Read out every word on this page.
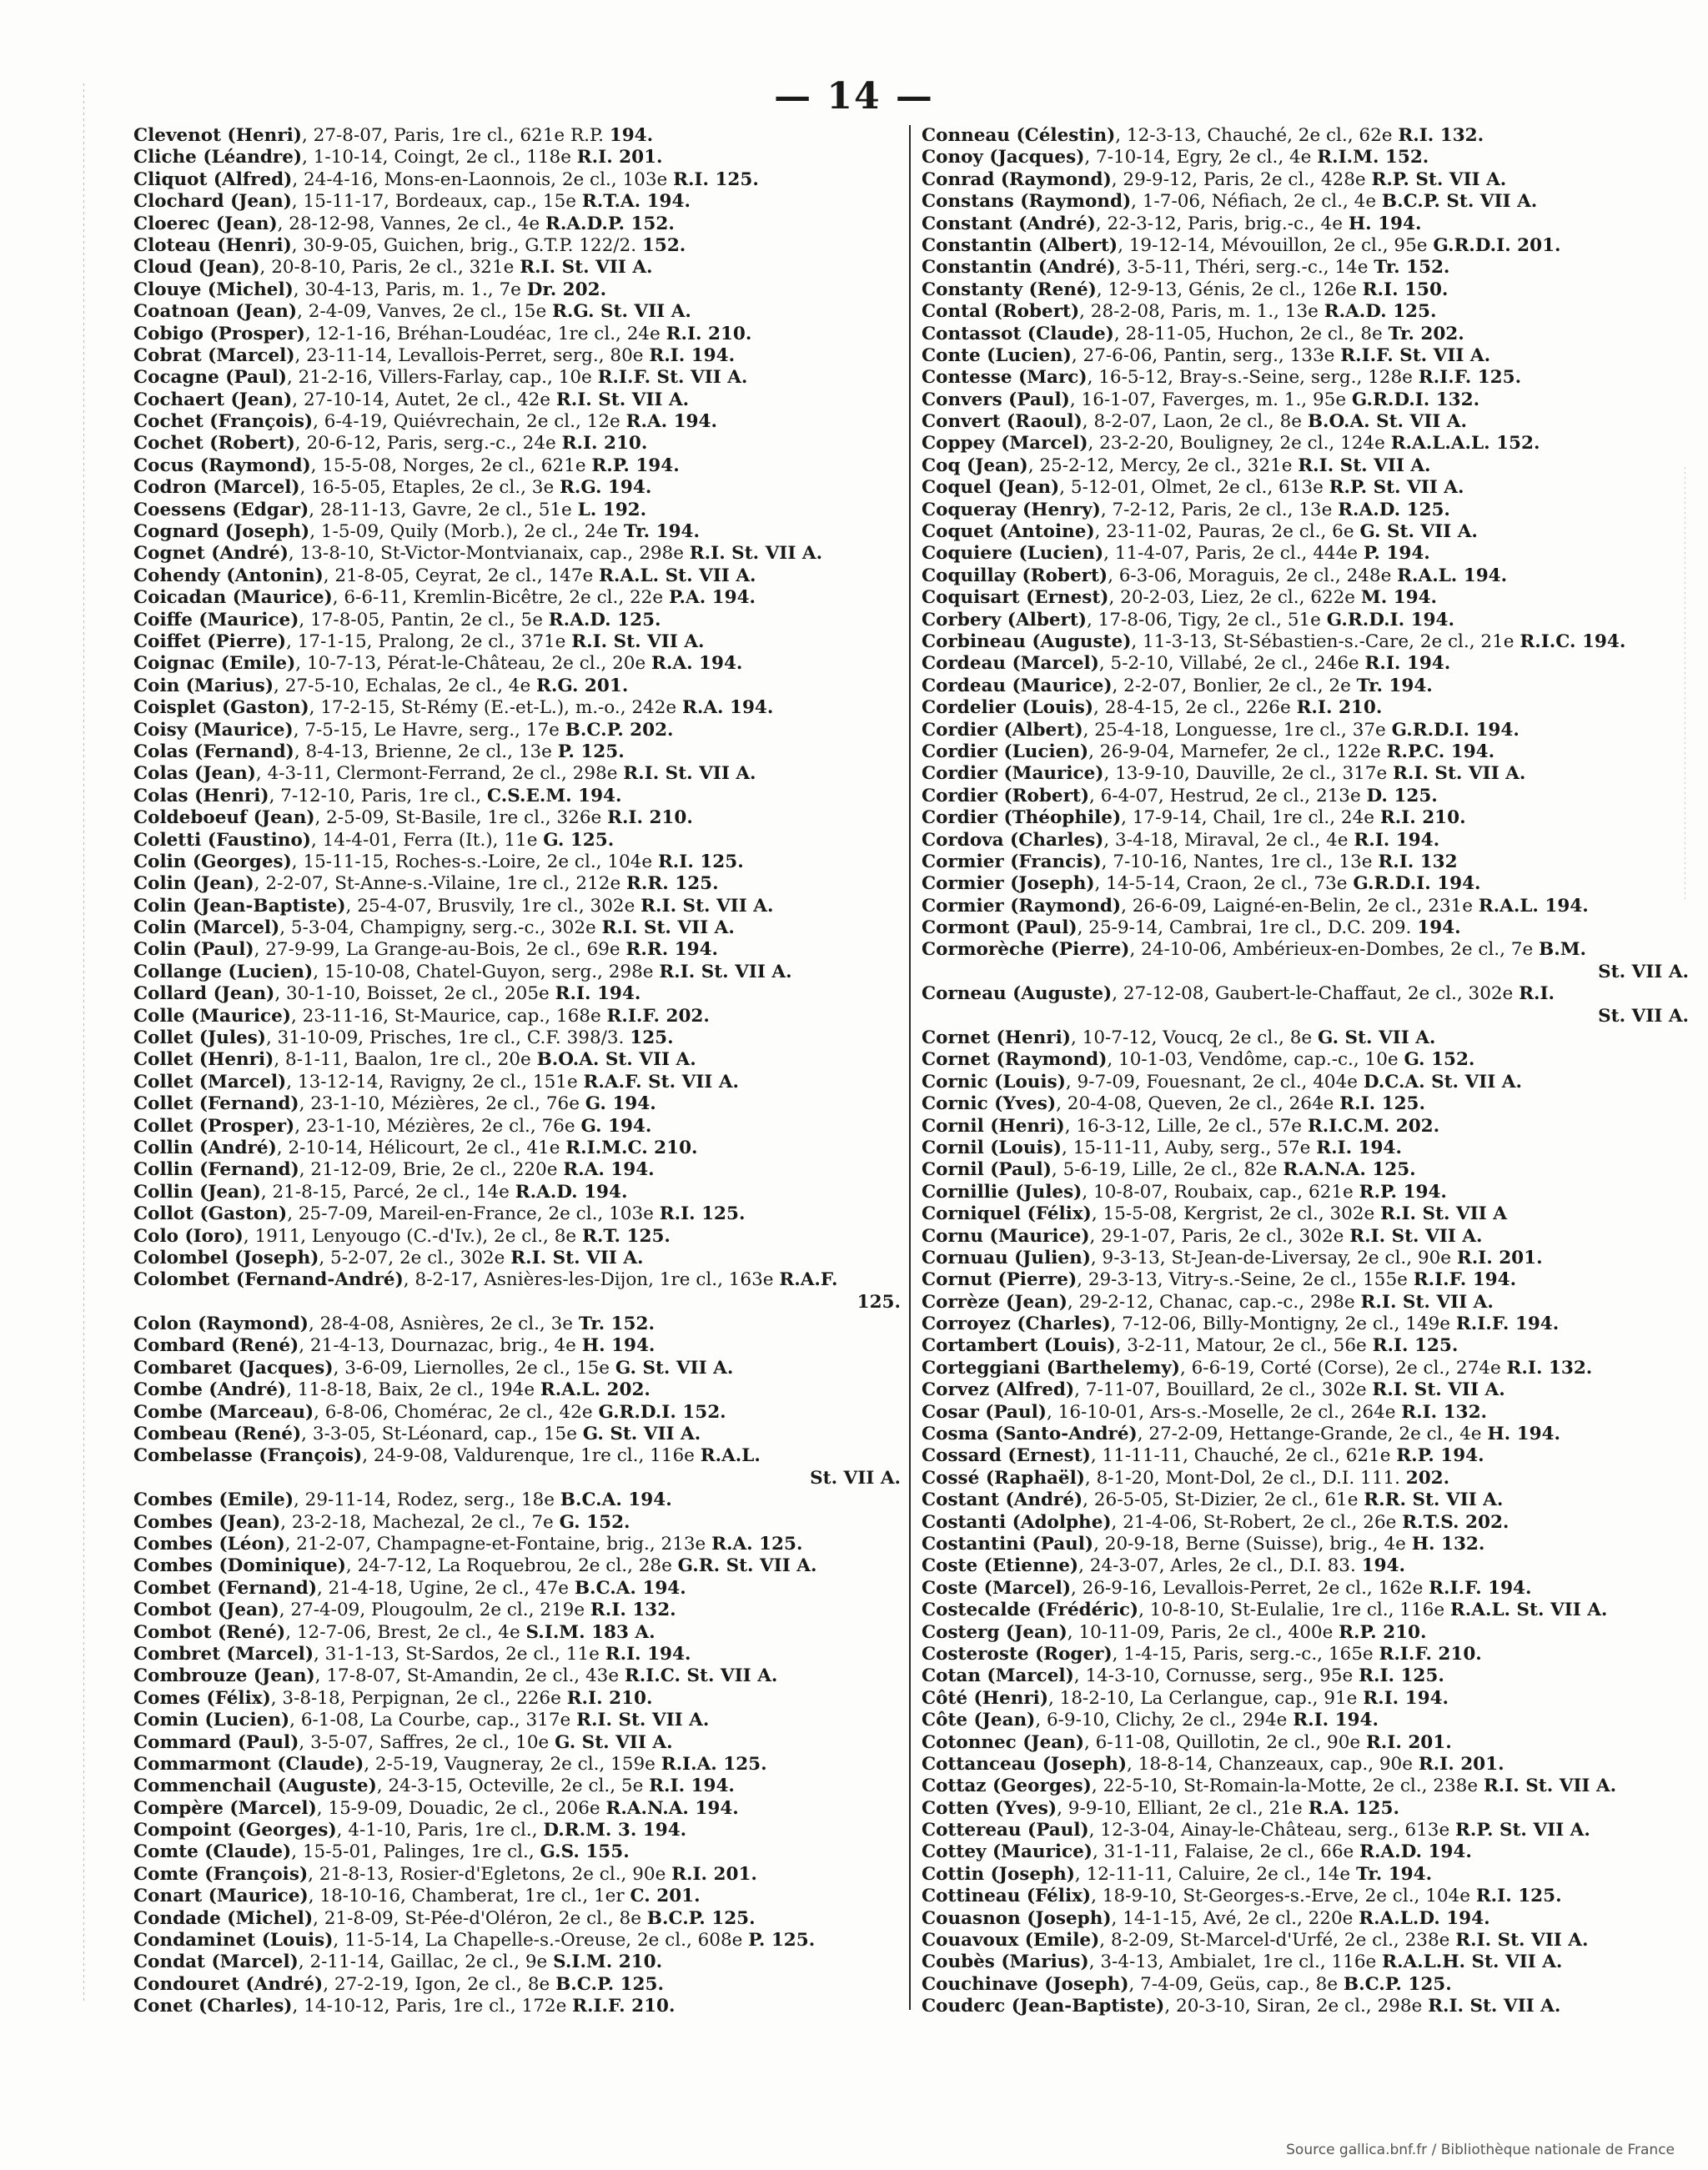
— 14 —
Clevenot (Henri), 27-8-07, Paris, 1re cl., 621e R.P. 194.
Cliche (Léandre), 1-10-14, Coingt, 2e cl., 118e R.I. 201.
Cliquot (Alfred), 24-4-16, Mons-en-Laonnois, 2e cl., 103e R.I. 125.
Clochard (Jean), 15-11-17, Bordeaux, cap., 15e R.T.A. 194.
Cloerec (Jean), 28-12-98, Vannes, 2e cl., 4e R.A.D.P. 152.
Cloteau (Henri), 30-9-05, Guichen, brig., G.T.P. 122/2. 152.
Cloud (Jean), 20-8-10, Paris, 2e cl., 321e R.I. St. VII A.
Clouye (Michel), 30-4-13, Paris, m. 1., 7e Dr. 202.
Coatnoan (Jean), 2-4-09, Vanves, 2e cl., 15e R.G. St. VII A.
Cobigo (Prosper), 12-1-16, Bréhan-Loudéac, 1re cl., 24e R.I. 210.
Cobrat (Marcel), 23-11-14, Levallois-Perret, serg., 80e R.I. 194.
Cocagne (Paul), 21-2-16, Villers-Farlay, cap., 10e R.I.F. St. VII A.
Cochaert (Jean), 27-10-14, Autet, 2e cl., 42e R.I. St. VII A.
Cochet (François), 6-4-19, Quiévrechain, 2e cl., 12e R.A. 194.
Cochet (Robert), 20-6-12, Paris, serg.-c., 24e R.I. 210.
Cocus (Raymond), 15-5-08, Norges, 2e cl., 621e R.P. 194.
Codron (Marcel), 16-5-05, Etaples, 2e cl., 3e R.G. 194.
Coessens (Edgar), 28-11-13, Gavre, 2e cl., 51e L. 192.
Cognard (Joseph), 1-5-09, Quily (Morb.), 2e cl., 24e Tr. 194.
Cognet (André), 13-8-10, St-Victor-Montvianaix, cap., 298e R.I. St. VII A.
Cohendy (Antonin), 21-8-05, Ceyrat, 2e cl., 147e R.A.L. St. VII A.
Coicadan (Maurice), 6-6-11, Kremlin-Bicêtre, 2e cl., 22e P.A. 194.
Coiffe (Maurice), 17-8-05, Pantin, 2e cl., 5e R.A.D. 125.
Coiffet (Pierre), 17-1-15, Pralong, 2e cl., 371e R.I. St. VII A.
Coignac (Emile), 10-7-13, Pérat-le-Château, 2e cl., 20e R.A. 194.
Coin (Marius), 27-5-10, Echalas, 2e cl., 4e R.G. 201.
Coisplet (Gaston), 17-2-15, St-Rémy (E.-et-L.), m.-o., 242e R.A. 194.
Coisy (Maurice), 7-5-15, Le Havre, serg., 17e B.C.P. 202.
Colas (Fernand), 8-4-13, Brienne, 2e cl., 13e P. 125.
Colas (Jean), 4-3-11, Clermont-Ferrand, 2e cl., 298e R.I. St. VII A.
Colas (Henri), 7-12-10, Paris, 1re cl., C.S.E.M. 194.
Coldeboeuf (Jean), 2-5-09, St-Basile, 1re cl., 326e R.I. 210.
Coletti (Faustino), 14-4-01, Ferra (It.), 11e G. 125.
Colin (Georges), 15-11-15, Roches-s.-Loire, 2e cl., 104e R.I. 125.
Colin (Jean), 2-2-07, St-Anne-s.-Vilaine, 1re cl., 212e R.R. 125.
Colin (Jean-Baptiste), 25-4-07, Brusvily, 1re cl., 302e R.I. St. VII A.
Colin (Marcel), 5-3-04, Champigny, serg.-c., 302e R.I. St. VII A.
Colin (Paul), 27-9-99, La Grange-au-Bois, 2e cl., 69e R.R. 194.
Collange (Lucien), 15-10-08, Chatel-Guyon, serg., 298e R.I. St. VII A.
Collard (Jean), 30-1-10, Boisset, 2e cl., 205e R.I. 194.
Colle (Maurice), 23-11-16, St-Maurice, cap., 168e R.I.F. 202.
Collet (Jules), 31-10-09, Prisches, 1re cl., C.F. 398/3. 125.
Collet (Henri), 8-1-11, Baalon, 1re cl., 20e B.O.A. St. VII A.
Collet (Marcel), 13-12-14, Ravigny, 2e cl., 151e R.A.F. St. VII A.
Collet (Fernand), 23-1-10, Mézières, 2e cl., 76e G. 194.
Collet (Prosper), 23-1-10, Mézières, 2e cl., 76e G. 194.
Collin (André), 2-10-14, Hélicourt, 2e cl., 41e R.I.M.C. 210.
Collin (Fernand), 21-12-09, Brie, 2e cl., 220e R.A. 194.
Collin (Jean), 21-8-15, Parcé, 2e cl., 14e R.A.D. 194.
Collot (Gaston), 25-7-09, Mareil-en-France, 2e cl., 103e R.I. 125.
Colo (Ioro), 1911, Lenyougo (C.-d'Iv.), 2e cl., 8e R.T. 125.
Colombel (Joseph), 5-2-07, 2e cl., 302e R.I. St. VII A.
Colombet (Fernand-André), 8-2-17, Asnières-les-Dijon, 1re cl., 163e R.A.F.
125.
Colon (Raymond), 28-4-08, Asnières, 2e cl., 3e Tr. 152.
Combard (René), 21-4-13, Dournazac, brig., 4e H. 194.
Combaret (Jacques), 3-6-09, Liernolles, 2e cl., 15e G. St. VII A.
Combe (André), 11-8-18, Baix, 2e cl., 194e R.A.L. 202.
Combe (Marceau), 6-8-06, Chomérac, 2e cl., 42e G.R.D.I. 152.
Combeau (René), 3-3-05, St-Léonard, cap., 15e G. St. VII A.
Combelasse (François), 24-9-08, Valdurenque, 1re cl., 116e R.A.L.
St. VII A.
Combes (Emile), 29-11-14, Rodez, serg., 18e B.C.A. 194.
Combes (Jean), 23-2-18, Machezal, 2e cl., 7e G. 152.
Combes (Léon), 21-2-07, Champagne-et-Fontaine, brig., 213e R.A. 125.
Combes (Dominique), 24-7-12, La Roquebrou, 2e cl., 28e G.R. St. VII A.
Combet (Fernand), 21-4-18, Ugine, 2e cl., 47e B.C.A. 194.
Combot (Jean), 27-4-09, Plougoulm, 2e cl., 219e R.I. 132.
Combot (René), 12-7-06, Brest, 2e cl., 4e S.I.M. 183 A.
Combret (Marcel), 31-1-13, St-Sardos, 2e cl., 11e R.I. 194.
Combrouze (Jean), 17-8-07, St-Amandin, 2e cl., 43e R.I.C. St. VII A.
Comes (Félix), 3-8-18, Perpignan, 2e cl., 226e R.I. 210.
Comin (Lucien), 6-1-08, La Courbe, cap., 317e R.I. St. VII A.
Commard (Paul), 3-5-07, Saffres, 2e cl., 10e G. St. VII A.
Commarmont (Claude), 2-5-19, Vaugneray, 2e cl., 159e R.I.A. 125.
Commenchail (Auguste), 24-3-15, Octeville, 2e cl., 5e R.I. 194.
Compère (Marcel), 15-9-09, Douadic, 2e cl., 206e R.A.N.A. 194.
Compoint (Georges), 4-1-10, Paris, 1re cl., D.R.M. 3. 194.
Comte (Claude), 15-5-01, Palinges, 1re cl., G.S. 155.
Comte (François), 21-8-13, Rosier-d'Egletons, 2e cl., 90e R.I. 201.
Conart (Maurice), 18-10-16, Chamberat, 1re cl., 1er C. 201.
Condade (Michel), 21-8-09, St-Pée-d'Oléron, 2e cl., 8e B.C.P. 125.
Condaminet (Louis), 11-5-14, La Chapelle-s.-Oreuse, 2e cl., 608e P. 125.
Condat (Marcel), 2-11-14, Gaillac, 2e cl., 9e S.I.M. 210.
Condouret (André), 27-2-19, Igon, 2e cl., 8e B.C.P. 125.
Conet (Charles), 14-10-12, Paris, 1re cl., 172e R.I.F. 210.
Conneau (Célestin), 12-3-13, Chauché, 2e cl., 62e R.I. 132.
Conoy (Jacques), 7-10-14, Egry, 2e cl., 4e R.I.M. 152.
Conrad (Raymond), 29-9-12, Paris, 2e cl., 428e R.P. St. VII A.
Constans (Raymond), 1-7-06, Néfiach, 2e cl., 4e B.C.P. St. VII A.
Constant (André), 22-3-12, Paris, brig.-c., 4e H. 194.
Constantin (Albert), 19-12-14, Mévouillon, 2e cl., 95e G.R.D.I. 201.
Constantin (André), 3-5-11, Théri, serg.-c., 14e Tr. 152.
Constanty (René), 12-9-13, Génis, 2e cl., 126e R.I. 150.
Contal (Robert), 28-2-08, Paris, m. 1., 13e R.A.D. 125.
Contassot (Claude), 28-11-05, Huchon, 2e cl., 8e Tr. 202.
Conte (Lucien), 27-6-06, Pantin, serg., 133e R.I.F. St. VII A.
Contesse (Marc), 16-5-12, Bray-s.-Seine, serg., 128e R.I.F. 125.
Convers (Paul), 16-1-07, Faverges, m. 1., 95e G.R.D.I. 132.
Convert (Raoul), 8-2-07, Laon, 2e cl., 8e B.O.A. St. VII A.
Coppey (Marcel), 23-2-20, Bouligney, 2e cl., 124e R.A.L.A.L. 152.
Coq (Jean), 25-2-12, Mercy, 2e cl., 321e R.I. St. VII A.
Coquel (Jean), 5-12-01, Olmet, 2e cl., 613e R.P. St. VII A.
Coqueray (Henry), 7-2-12, Paris, 2e cl., 13e R.A.D. 125.
Coquet (Antoine), 23-11-02, Pauras, 2e cl., 6e G. St. VII A.
Coquiere (Lucien), 11-4-07, Paris, 2e cl., 444e P. 194.
Coquillay (Robert), 6-3-06, Moraguis, 2e cl., 248e R.A.L. 194.
Coquisart (Ernest), 20-2-03, Liez, 2e cl., 622e M. 194.
Corbery (Albert), 17-8-06, Tigy, 2e cl., 51e G.R.D.I. 194.
Corbineau (Auguste), 11-3-13, St-Sébastien-s.-Care, 2e cl., 21e R.I.C. 194.
Cordeau (Marcel), 5-2-10, Villabé, 2e cl., 246e R.I. 194.
Cordeau (Maurice), 2-2-07, Bonlier, 2e cl., 2e Tr. 194.
Cordelier (Louis), 28-4-15, 2e cl., 226e R.I. 210.
Cordier (Albert), 25-4-18, Longuesse, 1re cl., 37e G.R.D.I. 194.
Cordier (Lucien), 26-9-04, Marnefer, 2e cl., 122e R.P.C. 194.
Cordier (Maurice), 13-9-10, Dauville, 2e cl., 317e R.I. St. VII A.
Cordier (Robert), 6-4-07, Hestrud, 2e cl., 213e D. 125.
Cordier (Théophile), 17-9-14, Chail, 1re cl., 24e R.I. 210.
Cordova (Charles), 3-4-18, Miraval, 2e cl., 4e R.I. 194.
Cormier (Francis), 7-10-16, Nantes, 1re cl., 13e R.I. 132
Cormier (Joseph), 14-5-14, Craon, 2e cl., 73e G.R.D.I. 194.
Cormier (Raymond), 26-6-09, Laigné-en-Belin, 2e cl., 231e R.A.L. 194.
Cormont (Paul), 25-9-14, Cambrai, 1re cl., D.C. 209. 194.
Cormorèche (Pierre), 24-10-06, Ambérieux-en-Dombes, 2e cl., 7e B.M.
St. VII A.
Corneau (Auguste), 27-12-08, Gaubert-le-Chaffaut, 2e cl., 302e R.I.
St. VII A.
Cornet (Henri), 10-7-12, Voucq, 2e cl., 8e G. St. VII A.
Cornet (Raymond), 10-1-03, Vendôme, cap.-c., 10e G. 152.
Cornic (Louis), 9-7-09, Fouesnant, 2e cl., 404e D.C.A. St. VII A.
Cornic (Yves), 20-4-08, Queven, 2e cl., 264e R.I. 125.
Cornil (Henri), 16-3-12, Lille, 2e cl., 57e R.I.C.M. 202.
Cornil (Louis), 15-11-11, Auby, serg., 57e R.I. 194.
Cornil (Paul), 5-6-19, Lille, 2e cl., 82e R.A.N.A. 125.
Cornillie (Jules), 10-8-07, Roubaix, cap., 621e R.P. 194.
Corniquel (Félix), 15-5-08, Kergrist, 2e cl., 302e R.I. St. VII A
Cornu (Maurice), 29-1-07, Paris, 2e cl., 302e R.I. St. VII A.
Cornuau (Julien), 9-3-13, St-Jean-de-Liversay, 2e cl., 90e R.I. 201.
Cornut (Pierre), 29-3-13, Vitry-s.-Seine, 2e cl., 155e R.I.F. 194.
Corrèze (Jean), 29-2-12, Chanac, cap.-c., 298e R.I. St. VII A.
Corroyez (Charles), 7-12-06, Billy-Montigny, 2e cl., 149e R.I.F. 194.
Cortambert (Louis), 3-2-11, Matour, 2e cl., 56e R.I. 125.
Corteggiani (Barthelemy), 6-6-19, Corté (Corse), 2e cl., 274e R.I. 132.
Corvez (Alfred), 7-11-07, Bouillard, 2e cl., 302e R.I. St. VII A.
Cosar (Paul), 16-10-01, Ars-s.-Moselle, 2e cl., 264e R.I. 132.
Cosma (Santo-André), 27-2-09, Hettange-Grande, 2e cl., 4e H. 194.
Cossard (Ernest), 11-11-11, Chauché, 2e cl., 621e R.P. 194.
Cossé (Raphaël), 8-1-20, Mont-Dol, 2e cl., D.I. 111. 202.
Costant (André), 26-5-05, St-Dizier, 2e cl., 61e R.R. St. VII A.
Costanti (Adolphe), 21-4-06, St-Robert, 2e cl., 26e R.T.S. 202.
Costantini (Paul), 20-9-18, Berne (Suisse), brig., 4e H. 132.
Coste (Etienne), 24-3-07, Arles, 2e cl., D.I. 83. 194.
Coste (Marcel), 26-9-16, Levallois-Perret, 2e cl., 162e R.I.F. 194.
Costecalde (Frédéric), 10-8-10, St-Eulalie, 1re cl., 116e R.A.L. St. VII A.
Costerg (Jean), 10-11-09, Paris, 2e cl., 400e R.P. 210.
Costeroste (Roger), 1-4-15, Paris, serg.-c., 165e R.I.F. 210.
Cotan (Marcel), 14-3-10, Cornusse, serg., 95e R.I. 125.
Côté (Henri), 18-2-10, La Cerlangue, cap., 91e R.I. 194.
Côte (Jean), 6-9-10, Clichy, 2e cl., 294e R.I. 194.
Cotonnec (Jean), 6-11-08, Quillotin, 2e cl., 90e R.I. 201.
Cottanceau (Joseph), 18-8-14, Chanzeaux, cap., 90e R.I. 201.
Cottaz (Georges), 22-5-10, St-Romain-la-Motte, 2e cl., 238e R.I. St. VII A.
Cotten (Yves), 9-9-10, Elliant, 2e cl., 21e R.A. 125.
Cottereau (Paul), 12-3-04, Ainay-le-Château, serg., 613e R.P. St. VII A.
Cottey (Maurice), 31-1-11, Falaise, 2e cl., 66e R.A.D. 194.
Cottin (Joseph), 12-11-11, Caluire, 2e cl., 14e Tr. 194.
Cottineau (Félix), 18-9-10, St-Georges-s.-Erve, 2e cl., 104e R.I. 125.
Couasnon (Joseph), 14-1-15, Avé, 2e cl., 220e R.A.L.D. 194.
Couavoux (Emile), 8-2-09, St-Marcel-d'Urfé, 2e cl., 238e R.I. St. VII A.
Coubès (Marius), 3-4-13, Ambialet, 1re cl., 116e R.A.L.H. St. VII A.
Couchinave (Joseph), 7-4-09, Geüs, cap., 8e B.C.P. 125.
Couderc (Jean-Baptiste), 20-3-10, Siran, 2e cl., 298e R.I. St. VII A.
Source gallica.bnf.fr / Bibliothèque nationale de France
